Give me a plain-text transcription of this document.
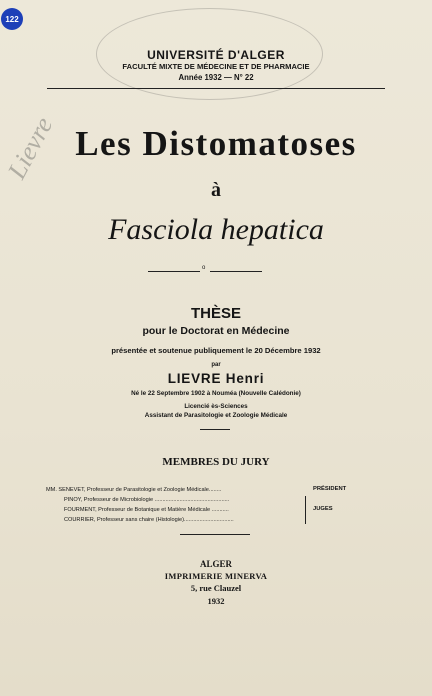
Lievre
122
UNIVERSITÉ D'ALGER
FACULTÉ MIXTE DE MÉDECINE ET DE PHARMACIE
Année 1932 — N° 22
Les Distomatoses
à
Fasciola hepatica
o
THÈSE
pour le Doctorat en Médecine
présentée et soutenue publiquement le 20 Décembre 1932
par
LIEVRE Henri
Né le 22 Septembre 1902 à Nouméa (Nouvelle Calédonie)
Licencié ès-Sciences
Assistant de Parasitologie et Zoologie Médicale
MEMBRES DU JURY
MM. SENEVET, Professeur de Parasitologie et Zoologie Médicale........	PRÉSIDENT
PINOY, Professeur de Microbiologie ................................................
FOURMENT, Professeur de Botanique et Matière Médicale ...........
COURRIER, Professeur sans chaire (Histologie)................................
JUGES
ALGER
IMPRIMERIE MINERVA
5, rue Clauzel
1932
